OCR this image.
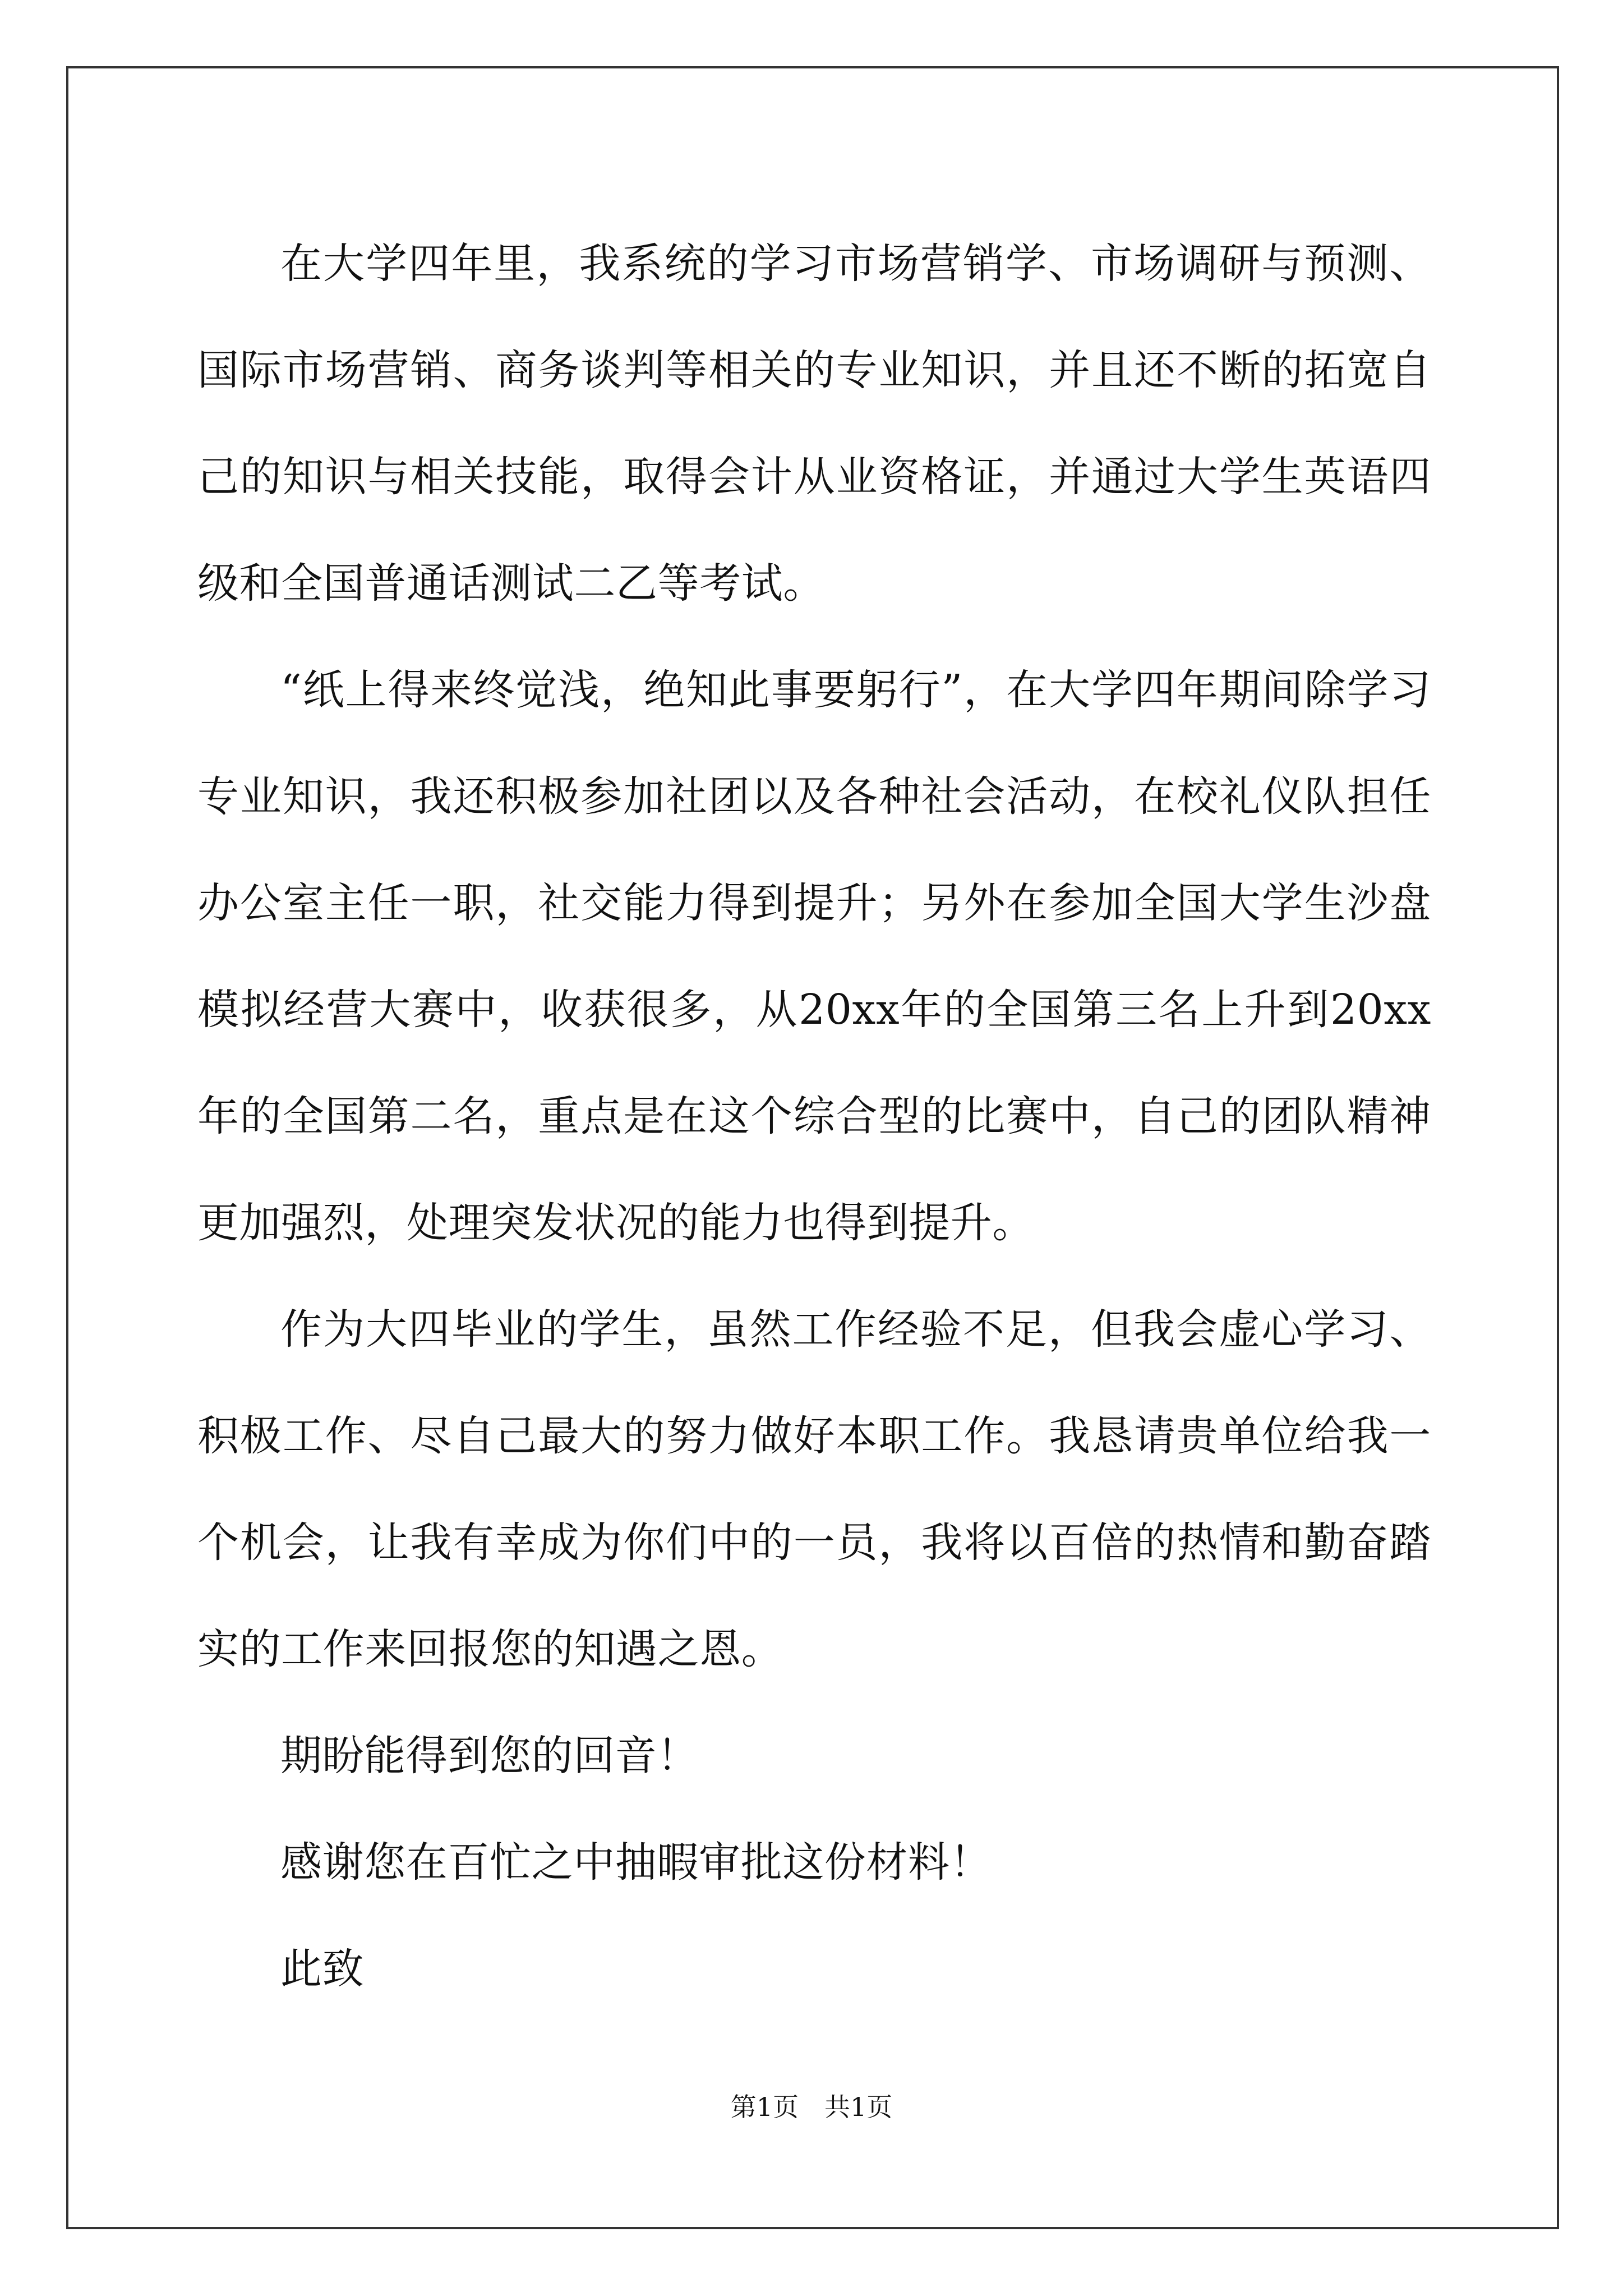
在大学四年里，我系统的学习市场营销学、市场调研与预测、国际市场营销、商务谈判等相关的专业知识，并且还不断的拓宽自己的知识与相关技能，取得会计从业资格证，并通过大学生英语四级和全国普通话测试二乙等考试。

“纸上得来终觉浅，绝知此事要躬行”，在大学四年期间除学习专业知识，我还积极参加社团以及各种社会活动，在校礼仪队担任办公室主任一职，社交能力得到提升；另外在参加全国大学生沙盘模拟经营大赛中，收获很多，从20xx年的全国第三名上升到20xx年的全国第二名，重点是在这个综合型的比赛中，自己的团队精神更加强烈，处理突发状况的能力也得到提升。

作为大四毕业的学生，虽然工作经验不足，但我会虚心学习、积极工作、尽自己最大的努力做好本职工作。我恳请贵单位给我一个机会，让我有幸成为你们中的一员，我将以百倍的热情和勤奋踏实的工作来回报您的知遇之恩。

期盼能得到您的回音！

感谢您在百忙之中抽暇审批这份材料！

此致

第1页　共1页
